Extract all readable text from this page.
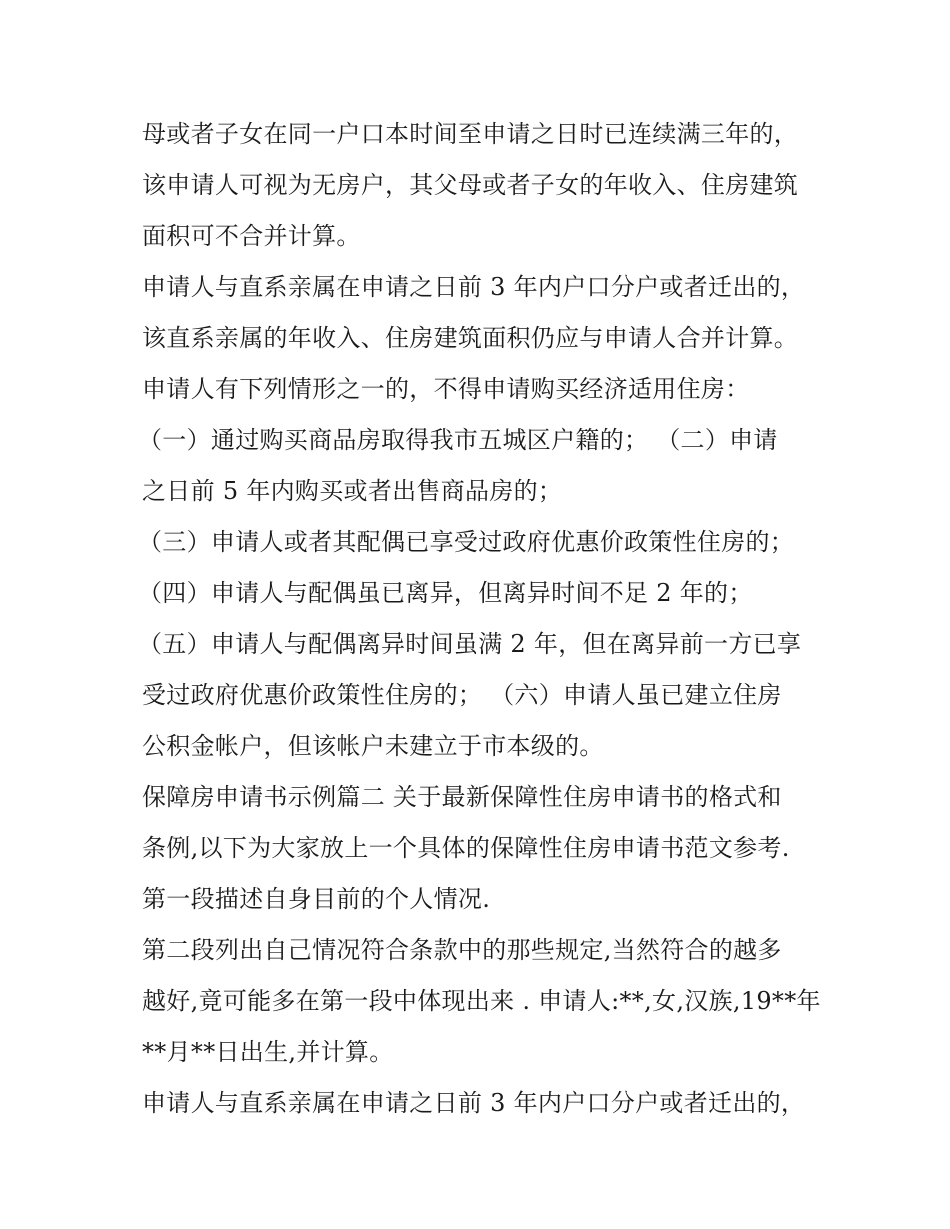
母或者子女在同一户口本时间至申请之日时已连续满三年的，
该申请人可视为无房户，其父母或者子女的年收入、住房建筑
面积可不合并计算。
申请人与直系亲属在申请之日前 3 年内户口分户或者迁出的，
该直系亲属的年收入、住房建筑面积仍应与申请人合并计算。
申请人有下列情形之一的，不得申请购买经济适用住房：
（一）通过购买商品房取得我市五城区户籍的； （二）申请
之日前 5 年内购买或者出售商品房的；
（三）申请人或者其配偶已享受过政府优惠价政策性住房的；
（四）申请人与配偶虽已离异，但离异时间不足 2 年的；
（五）申请人与配偶离异时间虽满 2 年，但在离异前一方已享
受过政府优惠价政策性住房的； （六）申请人虽已建立住房
公积金帐户，但该帐户未建立于市本级的。
保障房申请书示例篇二 关于最新保障性住房申请书的格式和
条例,以下为大家放上一个具体的保障性住房申请书范文参考.
第一段描述自身目前的个人情况.
第二段列出自己情况符合条款中的那些规定,当然符合的越多
越好,竟可能多在第一段中体现出来 . 申请人:**,女,汉族,19**年
**月**日出生,并计算。
申请人与直系亲属在申请之日前 3 年内户口分户或者迁出的，
